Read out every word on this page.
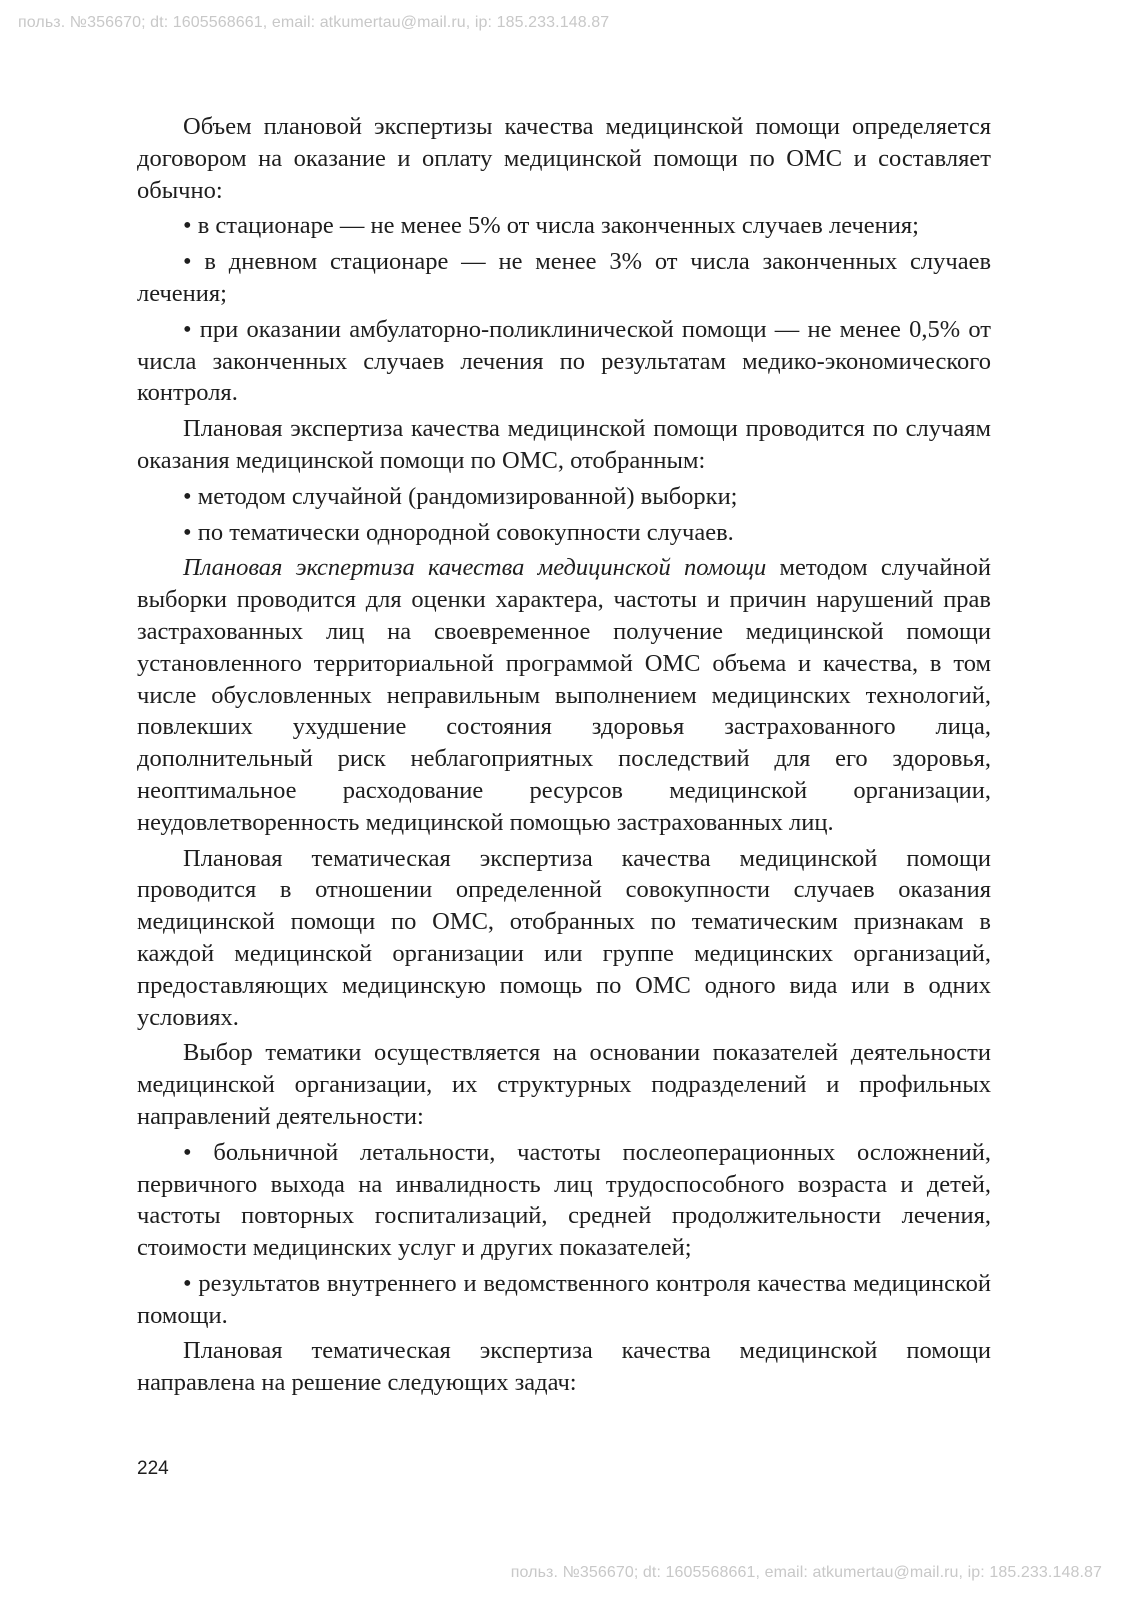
польз. №356670; dt: 1605568661, email: atkumertau@mail.ru, ip: 185.233.148.87

Объем плановой экспертизы качества медицинской помощи определяется договором на оказание и оплату медицинской помощи по ОМС и составляет обычно:

• в стационаре — не менее 5% от числа законченных случаев лечения;

• в дневном стационаре — не менее 3% от числа законченных случаев лечения;

• при оказании амбулаторно-поликлинической помощи — не менее 0,5% от числа законченных случаев лечения по результатам медико-экономического контроля.

Плановая экспертиза качества медицинской помощи проводится по случаям оказания медицинской помощи по ОМС, отобранным:

• методом случайной (рандомизированной) выборки;

• по тематически однородной совокупности случаев.

Плановая экспертиза качества медицинской помощи методом случайной выборки проводится для оценки характера, частоты и причин нарушений прав застрахованных лиц на своевременное получение медицинской помощи установленного территориальной программой ОМС объема и качества, в том числе обусловленных неправильным выполнением медицинских технологий, повлекших ухудшение состояния здоровья застрахованного лица, дополнительный риск неблагоприятных последствий для его здоровья, неоптимальное расходование ресурсов медицинской организации, неудовлетворенность медицинской помощью застрахованных лиц.

Плановая тематическая экспертиза качества медицинской помощи проводится в отношении определенной совокупности случаев оказания медицинской помощи по ОМС, отобранных по тематическим признакам в каждой медицинской организации или группе медицинских организаций, предоставляющих медицинскую помощь по ОМС одного вида или в одних условиях.

Выбор тематики осуществляется на основании показателей деятельности медицинской организации, их структурных подразделений и профильных направлений деятельности:

• больничной летальности, частоты послеоперационных осложнений, первичного выхода на инвалидность лиц трудоспособного возраста и детей, частоты повторных госпитализаций, средней продолжительности лечения, стоимости медицинских услуг и других показателей;

• результатов внутреннего и ведомственного контроля качества медицинской помощи.

Плановая тематическая экспертиза качества медицинской помощи направлена на решение следующих задач:

224
польз. №356670; dt: 1605568661, email: atkumertau@mail.ru, ip: 185.233.148.87
